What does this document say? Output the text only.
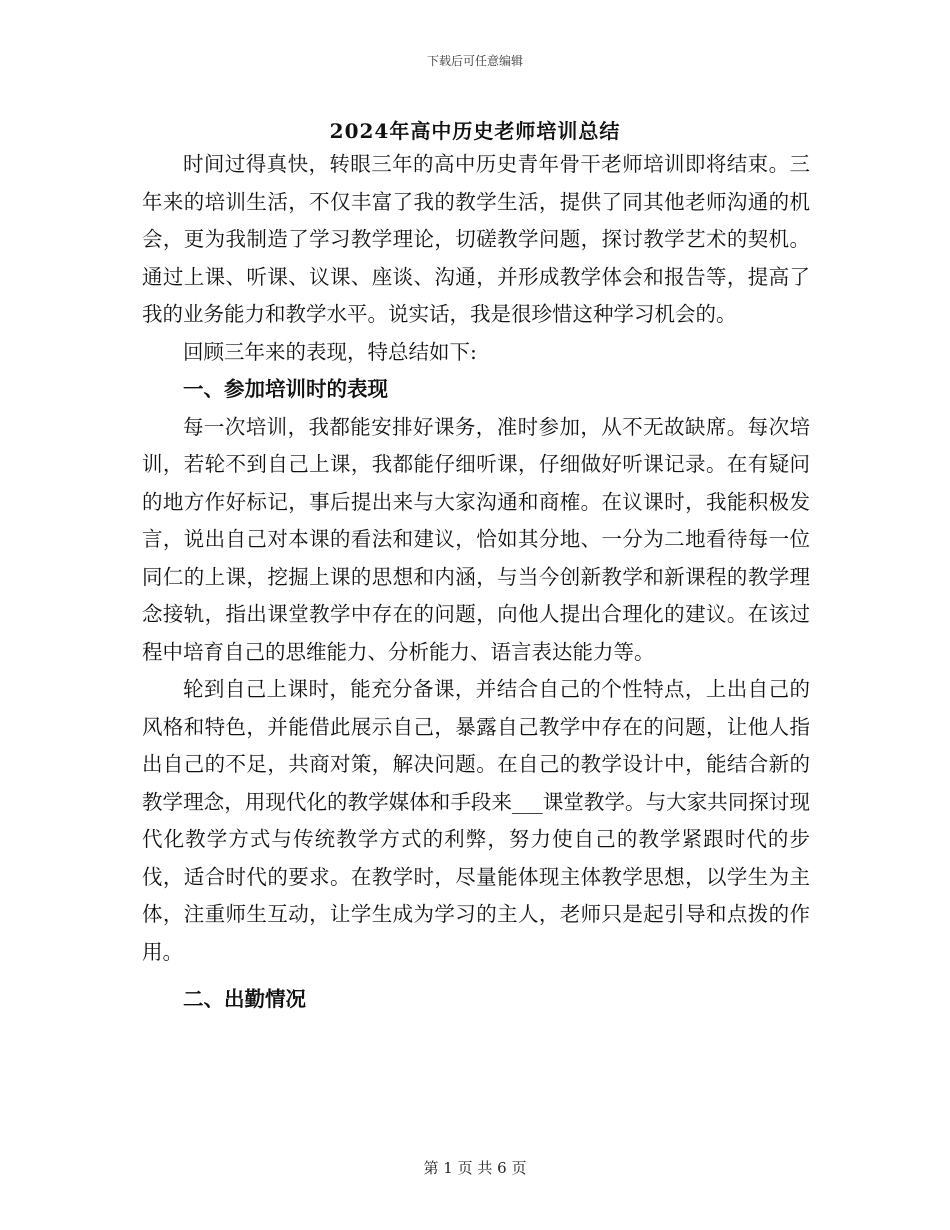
下载后可任意编辑
2024年高中历史老师培训总结

时间过得真快，转眼三年的高中历史青年骨干老师培训即将结束。三年来的培训生活，不仅丰富了我的教学生活，提供了同其他老师沟通的机会，更为我制造了学习教学理论，切磋教学问题，探讨教学艺术的契机。通过上课、听课、议课、座谈、沟通，并形成教学体会和报告等，提高了我的业务能力和教学水平。说实话，我是很珍惜这种学习机会的。

回顾三年来的表现，特总结如下:

一、参加培训时的表现

每一次培训，我都能安排好课务，准时参加，从不无故缺席。每次培训，若轮不到自己上课，我都能仔细听课，仔细做好听课记录。在有疑问的地方作好标记，事后提出来与大家沟通和商榷。在议课时，我能积极发言，说出自己对本课的看法和建议，恰如其分地、一分为二地看待每一位同仁的上课，挖掘上课的思想和内涵，与当今创新教学和新课程的教学理念接轨，指出课堂教学中存在的问题，向他人提出合理化的建议。在该过程中培育自己的思维能力、分析能力、语言表达能力等。

轮到自己上课时，能充分备课，并结合自己的个性特点，上出自己的风格和特色，并能借此展示自己，暴露自己教学中存在的问题，让他人指出自己的不足，共商对策，解决问题。在自己的教学设计中，能结合新的教学理念，用现代化的教学媒体和手段来___课堂教学。与大家共同探讨现代化教学方式与传统教学方式的利弊，努力使自己的教学紧跟时代的步伐，适合时代的要求。在教学时，尽量能体现主体教学思想，以学生为主体，注重师生互动，让学生成为学习的主人，老师只是起引导和点拨的作用。

二、出勤情况

第 1 页 共 6 页
